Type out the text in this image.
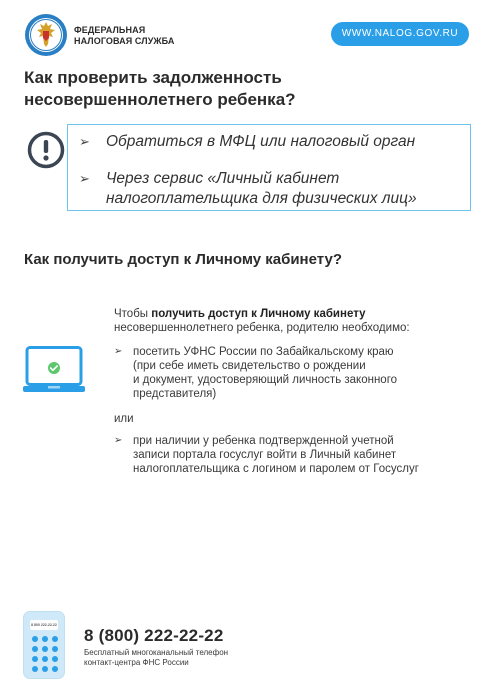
ФЕДЕРАЛЬНАЯ
НАЛОГОВАЯ СЛУЖБА
WWW.NALOG.GOV.RU
Как проверить задолженность
несовершеннолетнего ребенка?
➢ Обратиться в МФЦ или налоговый орган
➢ Через сервис «Личный кабинет
налогоплательщика для физических лиц»
Как получить доступ к Личному кабинету?
Чтобы получить доступ к Личному кабинету
несовершеннолетнего ребенка, родителю необходимо:
➢ посетить УФНС России по Забайкальскому краю
(при себе иметь свидетельство о рождении
и документ, удостоверяющий личность законного
представителя)
или
➢ при наличии у ребенка подтвержденной учетной
записи портала госуслуг войти в Личный кабинет
налогоплательщика с логином и паролем от Госуслуг
8 800 222-22-22
8 (800) 222-22-22
Бесплатный многоканальный телефон
контакт-центра ФНС России
